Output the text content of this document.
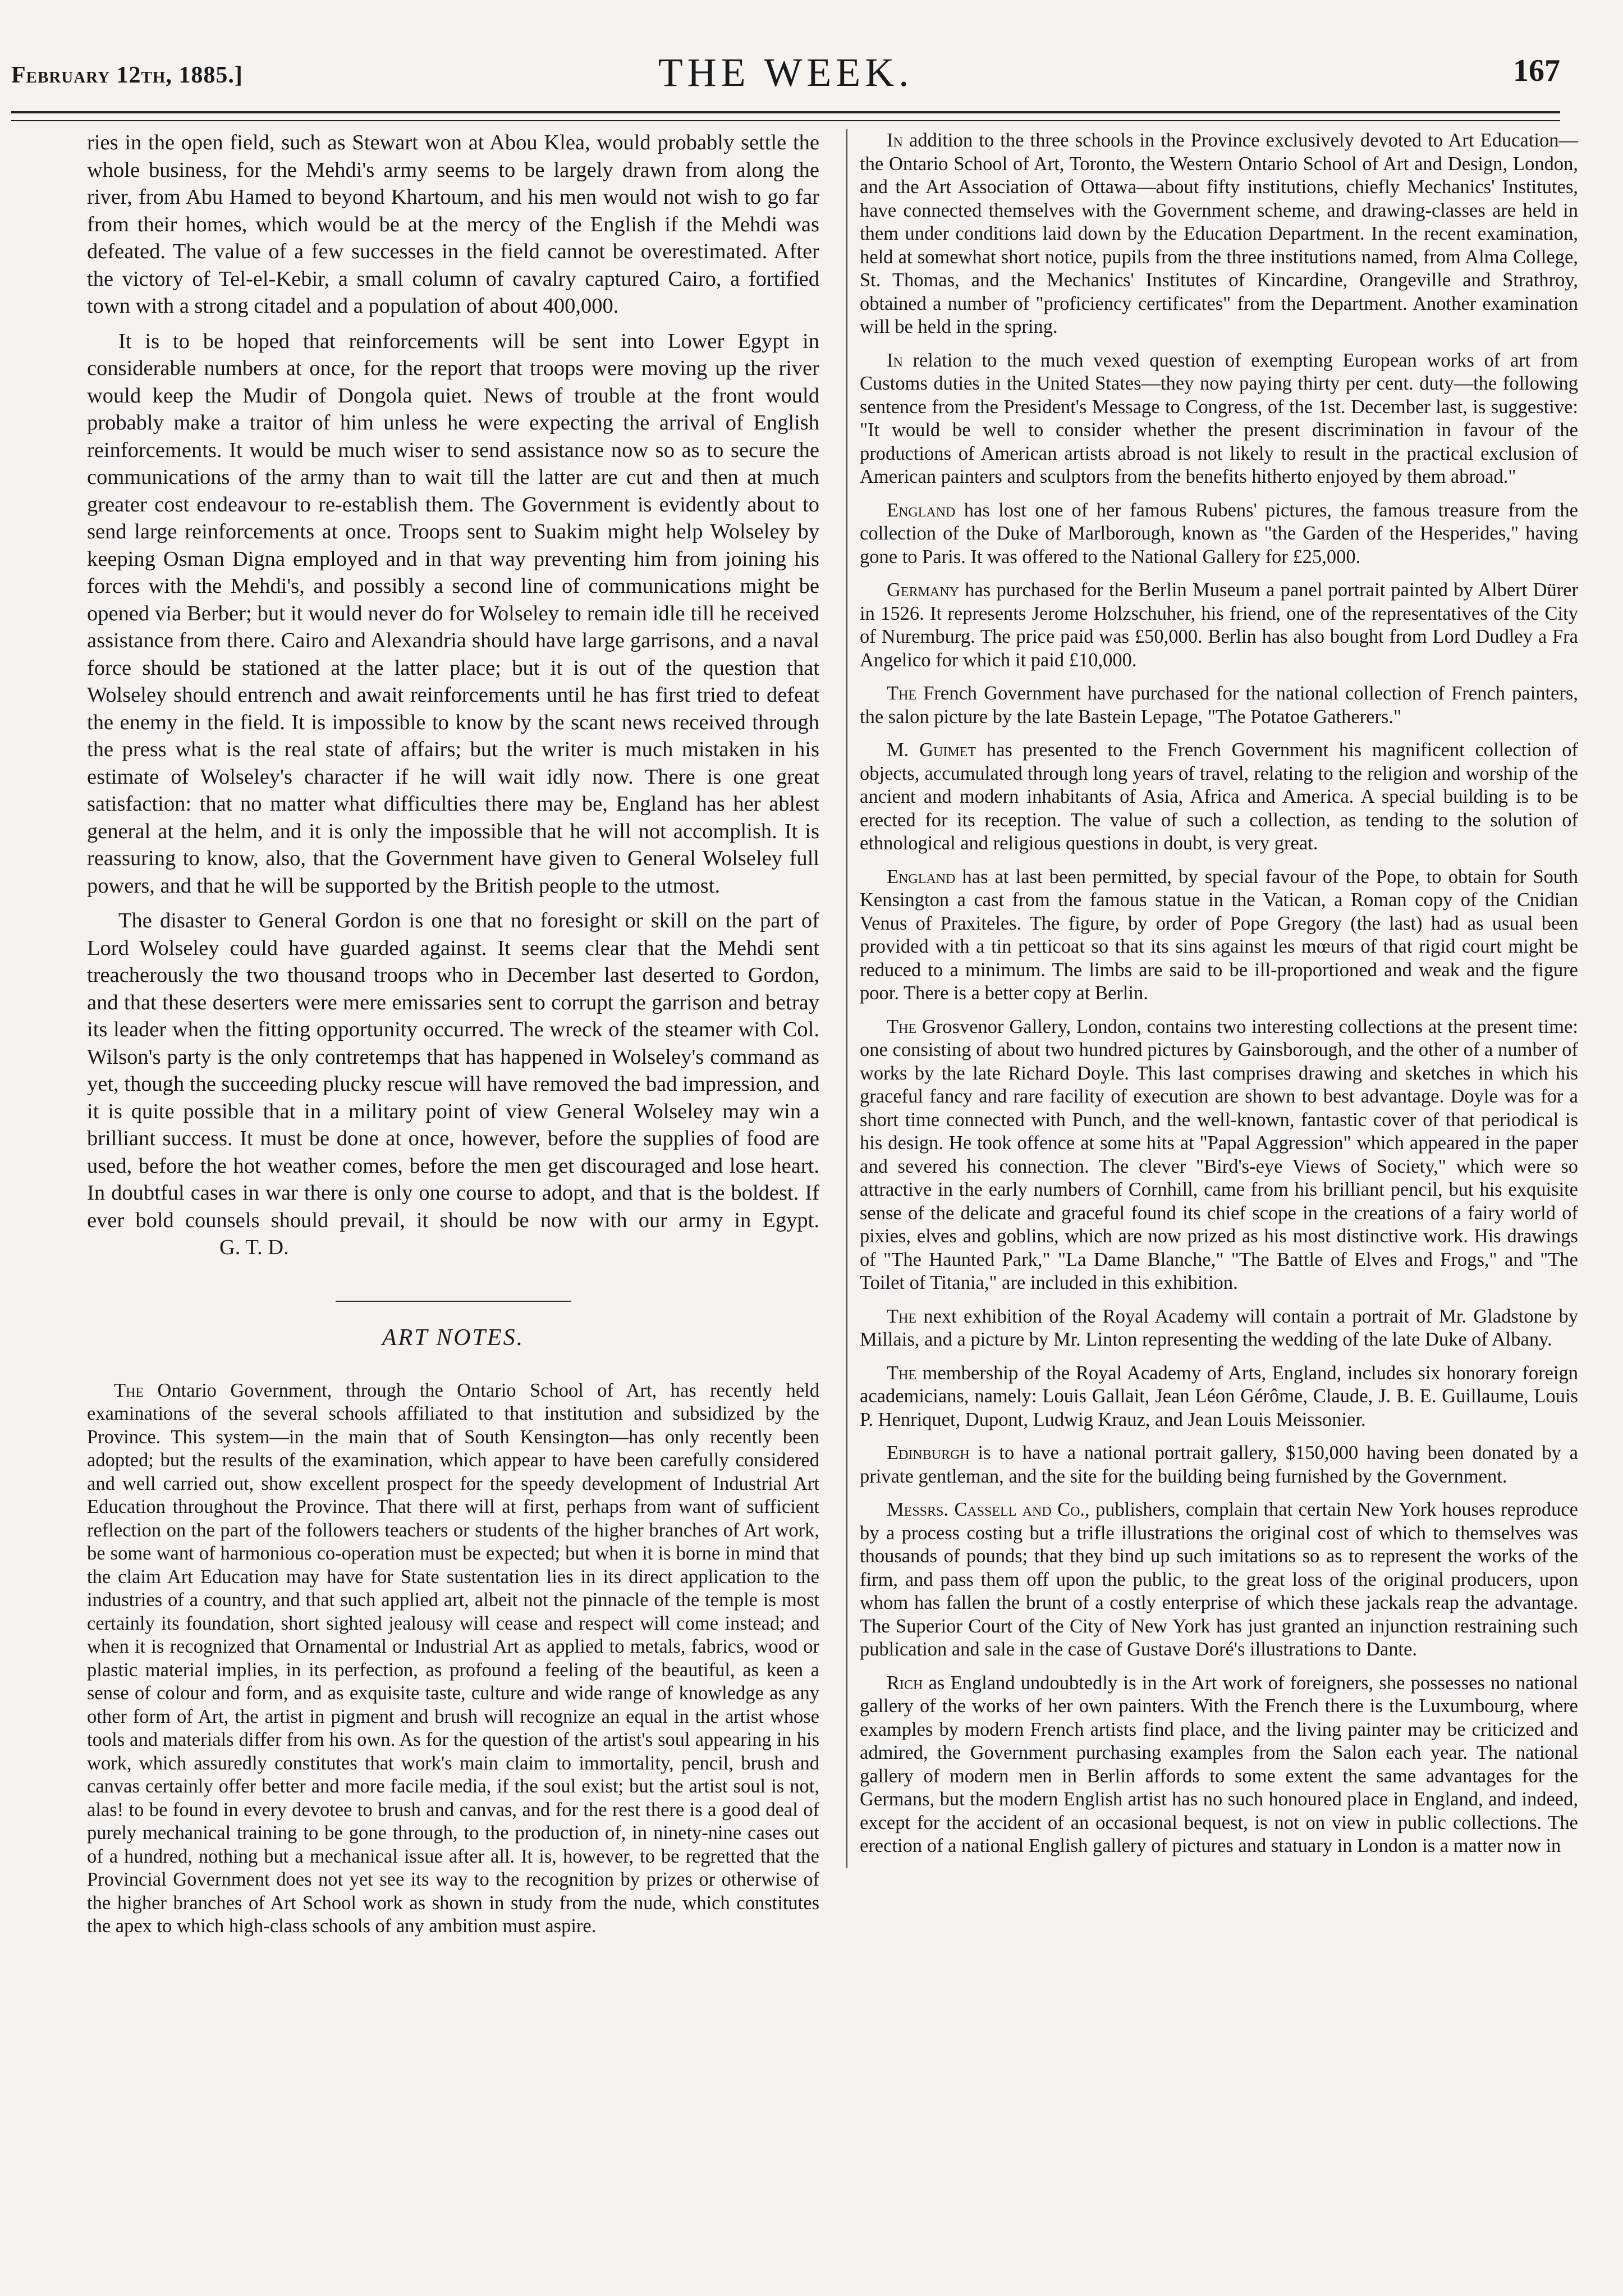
February 12th, 1885.]	THE WEEK.	167

ries in the open field, such as Stewart won at Abou Klea, would probably settle the whole business, for the Mehdi's army seems to be largely drawn from along the river, from Abu Hamed to beyond Khartoum, and his men would not wish to go far from their homes, which would be at the mercy of the English if the Mehdi was defeated. The value of a few successes in the field cannot be overestimated. After the victory of Tel-el-Kebir, a small column of cavalry captured Cairo, a fortified town with a strong citadel and a population of about 400,000.

It is to be hoped that reinforcements will be sent into Lower Egypt in considerable numbers at once, for the report that troops were moving up the river would keep the Mudir of Dongola quiet. News of trouble at the front would probably make a traitor of him unless he were expecting the arrival of English reinforcements. It would be much wiser to send assistance now so as to secure the communications of the army than to wait till the latter are cut and then at much greater cost endeavour to re-establish them. The Government is evidently about to send large reinforcements at once. Troops sent to Suakim might help Wolseley by keeping Osman Digna employed and in that way preventing him from joining his forces with the Mehdi's, and possibly a second line of communications might be opened via Berber; but it would never do for Wolseley to remain idle till he received assistance from there. Cairo and Alexandria should have large garrisons, and a naval force should be stationed at the latter place; but it is out of the question that Wolseley should entrench and await reinforcements until he has first tried to defeat the enemy in the field. It is impossible to know by the scant news received through the press what is the real state of affairs; but the writer is much mistaken in his estimate of Wolseley's character if he will wait idly now. There is one great satisfaction: that no matter what difficulties there may be, England has her ablest general at the helm, and it is only the impossible that he will not accomplish. It is reassuring to know, also, that the Government have given to General Wolseley full powers, and that he will be supported by the British people to the utmost.

The disaster to General Gordon is one that no foresight or skill on the part of Lord Wolseley could have guarded against. It seems clear that the Mehdi sent treacherously the two thousand troops who in December last deserted to Gordon, and that these deserters were mere emissaries sent to corrupt the garrison and betray its leader when the fitting opportunity occurred. The wreck of the steamer with Col. Wilson's party is the only contretemps that has happened in Wolseley's command as yet, though the succeeding plucky rescue will have removed the bad impression, and it is quite possible that in a military point of view General Wolseley may win a brilliant success. It must be done at once, however, before the supplies of food are used, before the hot weather comes, before the men get discouraged and lose heart. In doubtful cases in war there is only one course to adopt, and that is the boldest. If ever bold counsels should prevail, it should be now with our army in Egypt.G. T. D.

ART NOTES.

The Ontario Government, through the Ontario School of Art, has recently held examinations of the several schools affiliated to that institution and subsidized by the Province. This system—in the main that of South Kensington—has only recently been adopted; but the results of the examination, which appear to have been carefully considered and well carried out, show excellent prospect for the speedy development of Industrial Art Education throughout the Province. That there will at first, perhaps from want of sufficient reflection on the part of the followers teachers or students of the higher branches of Art work, be some want of harmonious co-operation must be expected; but when it is borne in mind that the claim Art Education may have for State sustentation lies in its direct application to the industries of a country, and that such applied art, albeit not the pinnacle of the temple is most certainly its foundation, short sighted jealousy will cease and respect will come instead; and when it is recognized that Ornamental or Industrial Art as applied to metals, fabrics, wood or plastic material implies, in its perfection, as profound a feeling of the beautiful, as keen a sense of colour and form, and as exquisite taste, culture and wide range of knowledge as any other form of Art, the artist in pigment and brush will recognize an equal in the artist whose tools and materials differ from his own. As for the question of the artist's soul appearing in his work, which assuredly constitutes that work's main claim to immortality, pencil, brush and canvas certainly offer better and more facile media, if the soul exist; but the artist soul is not, alas! to be found in every devotee to brush and canvas, and for the rest there is a good deal of purely mechanical training to be gone through, to the production of, in ninety-nine cases out of a hundred, nothing but a mechanical issue after all. It is, however, to be regretted that the Provincial Government does not yet see its way to the recognition by prizes or otherwise of the higher branches of Art School work as shown in study from the nude, which constitutes the apex to which high-class schools of any ambition must aspire.

In addition to the three schools in the Province exclusively devoted to Art Education—the Ontario School of Art, Toronto, the Western Ontario School of Art and Design, London, and the Art Association of Ottawa—about fifty institutions, chiefly Mechanics' Institutes, have connected themselves with the Government scheme, and drawing-classes are held in them under conditions laid down by the Education Department. In the recent examination, held at somewhat short notice, pupils from the three institutions named, from Alma College, St. Thomas, and the Mechanics' Institutes of Kincardine, Orangeville and Strathroy, obtained a number of "proficiency certificates" from the Department. Another examination will be held in the spring.

In relation to the much vexed question of exempting European works of art from Customs duties in the United States—they now paying thirty per cent. duty—the following sentence from the President's Message to Congress, of the 1st. December last, is suggestive: "It would be well to consider whether the present discrimination in favour of the productions of American artists abroad is not likely to result in the practical exclusion of American painters and sculptors from the benefits hitherto enjoyed by them abroad."

England has lost one of her famous Rubens' pictures, the famous treasure from the collection of the Duke of Marlborough, known as "the Garden of the Hesperides," having gone to Paris. It was offered to the National Gallery for £25,000.

Germany has purchased for the Berlin Museum a panel portrait painted by Albert Dürer in 1526. It represents Jerome Holzschuher, his friend, one of the representatives of the City of Nuremburg. The price paid was £50,000. Berlin has also bought from Lord Dudley a Fra Angelico for which it paid £10,000.

The French Government have purchased for the national collection of French painters, the salon picture by the late Bastein Lepage, "The Potatoe Gatherers."

M. Guimet has presented to the French Government his magnificent collection of objects, accumulated through long years of travel, relating to the religion and worship of the ancient and modern inhabitants of Asia, Africa and America. A special building is to be erected for its reception. The value of such a collection, as tending to the solution of ethnological and religious questions in doubt, is very great.

England has at last been permitted, by special favour of the Pope, to obtain for South Kensington a cast from the famous statue in the Vatican, a Roman copy of the Cnidian Venus of Praxiteles. The figure, by order of Pope Gregory (the last) had as usual been provided with a tin petticoat so that its sins against les mœurs of that rigid court might be reduced to a minimum. The limbs are said to be ill-proportioned and weak and the figure poor. There is a better copy at Berlin.

The Grosvenor Gallery, London, contains two interesting collections at the present time: one consisting of about two hundred pictures by Gainsborough, and the other of a number of works by the late Richard Doyle. This last comprises drawing and sketches in which his graceful fancy and rare facility of execution are shown to best advantage. Doyle was for a short time connected with Punch, and the well-known, fantastic cover of that periodical is his design. He took offence at some hits at "Papal Aggression" which appeared in the paper and severed his connection. The clever "Bird's-eye Views of Society," which were so attractive in the early numbers of Cornhill, came from his brilliant pencil, but his exquisite sense of the delicate and graceful found its chief scope in the creations of a fairy world of pixies, elves and goblins, which are now prized as his most distinctive work. His drawings of "The Haunted Park," "La Dame Blanche," "The Battle of Elves and Frogs," and "The Toilet of Titania," are included in this exhibition.

The next exhibition of the Royal Academy will contain a portrait of Mr. Gladstone by Millais, and a picture by Mr. Linton representing the wedding of the late Duke of Albany.

The membership of the Royal Academy of Arts, England, includes six honorary foreign academicians, namely: Louis Gallait, Jean Léon Gérôme, Claude, J. B. E. Guillaume, Louis P. Henriquet, Dupont, Ludwig Krauz, and Jean Louis Meissonier.

Edinburgh is to have a national portrait gallery, $150,000 having been donated by a private gentleman, and the site for the building being furnished by the Government.

Messrs. Cassell and Co., publishers, complain that certain New York houses reproduce by a process costing but a trifle illustrations the original cost of which to themselves was thousands of pounds; that they bind up such imitations so as to represent the works of the firm, and pass them off upon the public, to the great loss of the original producers, upon whom has fallen the brunt of a costly enterprise of which these jackals reap the advantage. The Superior Court of the City of New York has just granted an injunction restraining such publication and sale in the case of Gustave Doré's illustrations to Dante.

Rich as England undoubtedly is in the Art work of foreigners, she possesses no national gallery of the works of her own painters. With the French there is the Luxumbourg, where examples by modern French artists find place, and the living painter may be criticized and admired, the Government purchasing examples from the Salon each year. The national gallery of modern men in Berlin affords to some extent the same advantages for the Germans, but the modern English artist has no such honoured place in England, and indeed, except for the accident of an occasional bequest, is not on view in public collections. The erection of a national English gallery of pictures and statuary in London is a matter now in
